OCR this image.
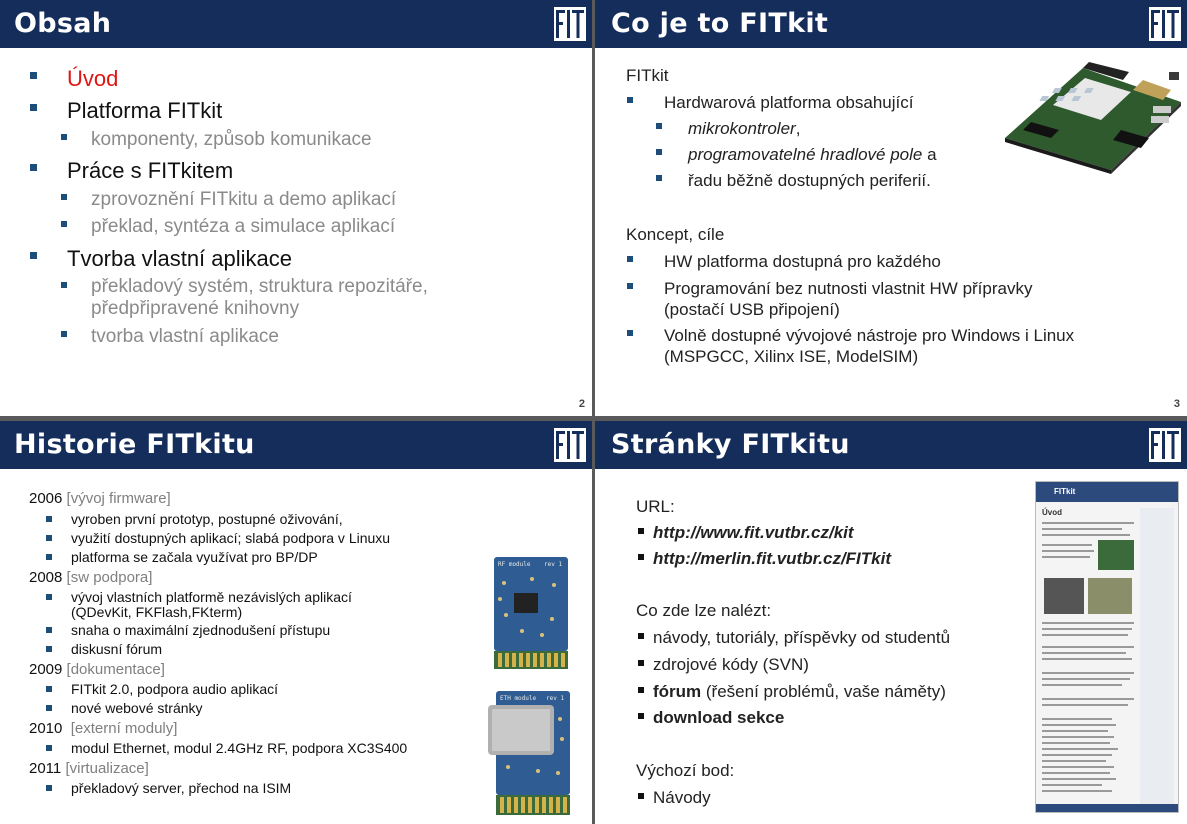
Obsah
Úvod
Platforma FITkit
komponenty, způsob komunikace
Práce s FITkitem
zprovoznění FITkitu a demo aplikací
překlad, syntéza a simulace aplikací
Tvorba vlastní aplikace
překladový systém, struktura repozitáře,
předpřipravené knihovny
tvorba vlastní aplikace
2
Co je to FITkit
FITkit
Hardwarová platforma obsahující
mikrokontroler,
programovatelné hradlové pole a
řadu běžně dostupných periferií.
Koncept, cíle
HW platforma dostupná pro každého
Programování bez nutnosti vlastnit HW přípravky
(postačí USB připojení)
Volně dostupné vývojové nástroje pro Windows i Linux
(MSPGCC, Xilinx ISE, ModelSIM)
3
Historie FITkitu
2006 [vývoj firmware]
vyroben první prototyp, postupné oživování,
využití dostupných aplikací; slabá podpora v Linuxu
platforma se začala využívat pro BP/DP
2008 [sw podpora]
vývoj vlastních platformě nezávislých aplikací
(QDevKit, FKFlash,FKterm)
snaha o maximální zjednodušení přístupu
diskusní fórum
2009 [dokumentace]
FITkit 2.0, podpora audio aplikací
nové webové stránky
2010 [externí moduly]
modul Ethernet, modul 2.4GHz RF, podpora XC3S400
2011 [virtualizace]
překladový server, přechod na ISIM
RF module rev 1
ETH module rev 1
Stránky FITkitu
URL:
http://www.fit.vutbr.cz/kit
http://merlin.fit.vutbr.cz/FITkit
Co zde lze nalézt:
návody, tutoriály, příspěvky od studentů
zdrojové kódy (SVN)
fórum (řešení problémů, vaše náměty)
download sekce
Výchozí bod:
Návody
FITkit
Úvod
